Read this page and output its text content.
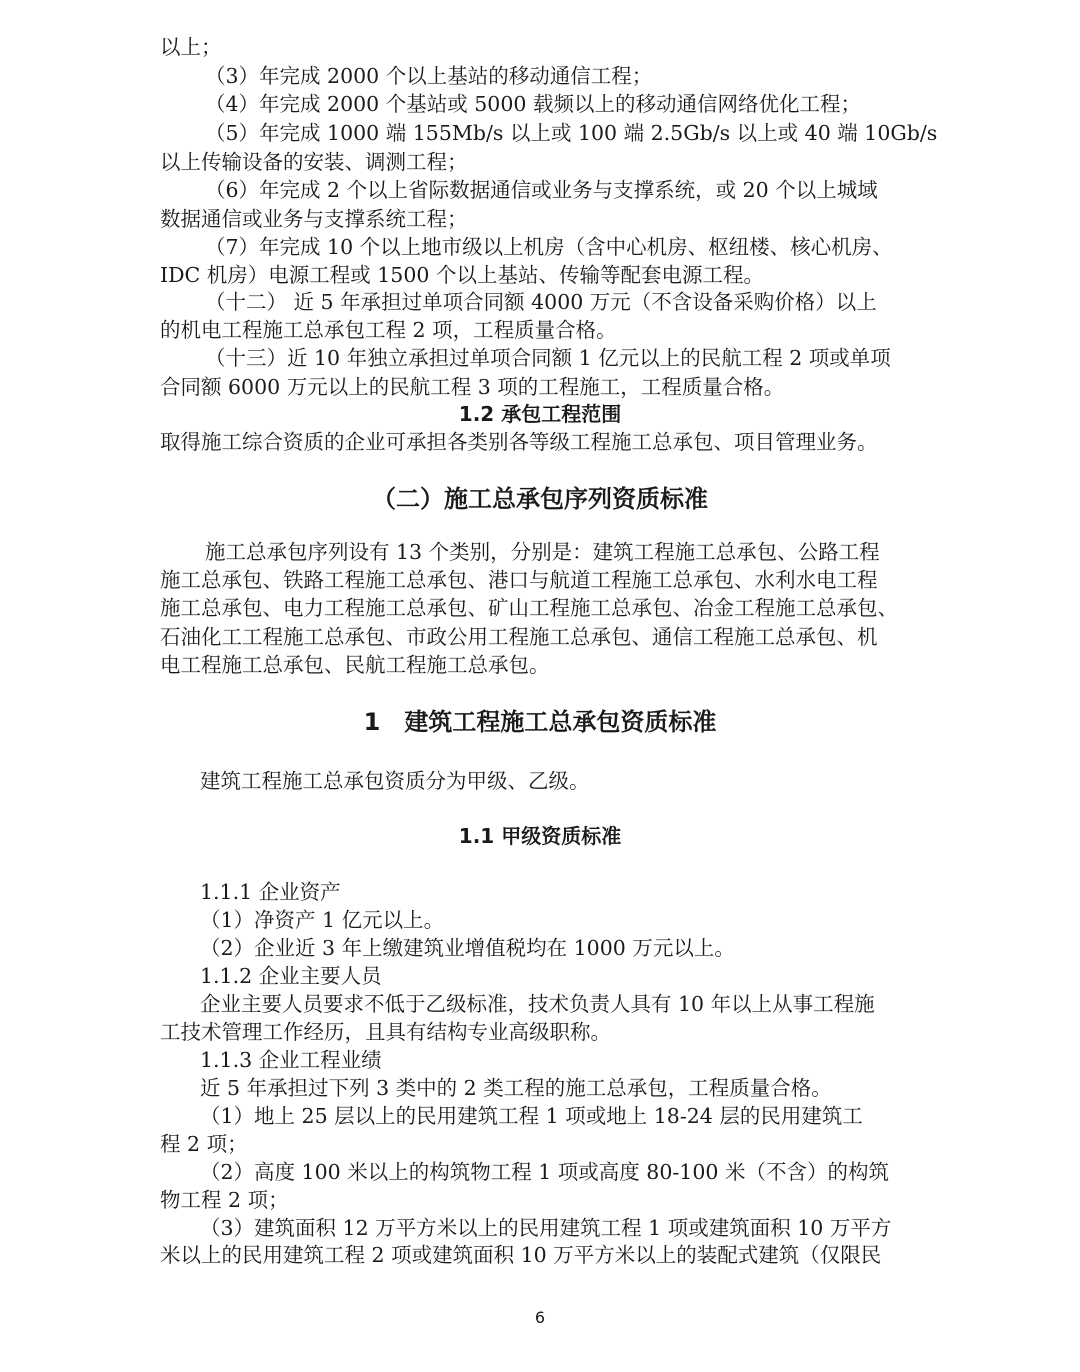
以上；
（3）年完成 2000 个以上基站的移动通信工程；
（4）年完成 2000 个基站或 5000 载频以上的移动通信网络优化工程；
（5）年完成 1000 端 155Mb/s 以上或 100 端 2.5Gb/s 以上或 40 端 10Gb/s
以上传输设备的安装、调测工程；
（6）年完成 2 个以上省际数据通信或业务与支撑系统，或 20 个以上城域
数据通信或业务与支撑系统工程；
（7）年完成 10 个以上地市级以上机房（含中心机房、枢纽楼、核心机房、
IDC 机房）电源工程或 1500 个以上基站、传输等配套电源工程。
（十二） 近 5 年承担过单项合同额 4000 万元（不含设备采购价格）以上
的机电工程施工总承包工程 2 项，工程质量合格。
（十三）近 10 年独立承担过单项合同额 1 亿元以上的民航工程 2 项或单项
合同额 6000 万元以上的民航工程 3 项的工程施工，工程质量合格。
1.2 承包工程范围
取得施工综合资质的企业可承担各类别各等级工程施工总承包、项目管理业务。
（二）施工总承包序列资质标准
施工总承包序列设有 13 个类别，分别是：建筑工程施工总承包、公路工程
施工总承包、铁路工程施工总承包、港口与航道工程施工总承包、水利水电工程
施工总承包、电力工程施工总承包、矿山工程施工总承包、冶金工程施工总承包、
石油化工工程施工总承包、市政公用工程施工总承包、通信工程施工总承包、机
电工程施工总承包、民航工程施工总承包。
1　建筑工程施工总承包资质标准
建筑工程施工总承包资质分为甲级、乙级。
1.1 甲级资质标准
1.1.1 企业资产
（1）净资产 1 亿元以上。
（2）企业近 3 年上缴建筑业增值税均在 1000 万元以上。
1.1.2 企业主要人员
企业主要人员要求不低于乙级标准，技术负责人具有 10 年以上从事工程施
工技术管理工作经历，且具有结构专业高级职称。
1.1.3 企业工程业绩
近 5 年承担过下列 3 类中的 2 类工程的施工总承包，工程质量合格。
（1）地上 25 层以上的民用建筑工程 1 项或地上 18-24 层的民用建筑工
程 2 项；
（2）高度 100 米以上的构筑物工程 1 项或高度 80-100 米（不含）的构筑
物工程 2 项；
（3）建筑面积 12 万平方米以上的民用建筑工程 1 项或建筑面积 10 万平方
米以上的民用建筑工程 2 项或建筑面积 10 万平方米以上的装配式建筑（仅限民
6
